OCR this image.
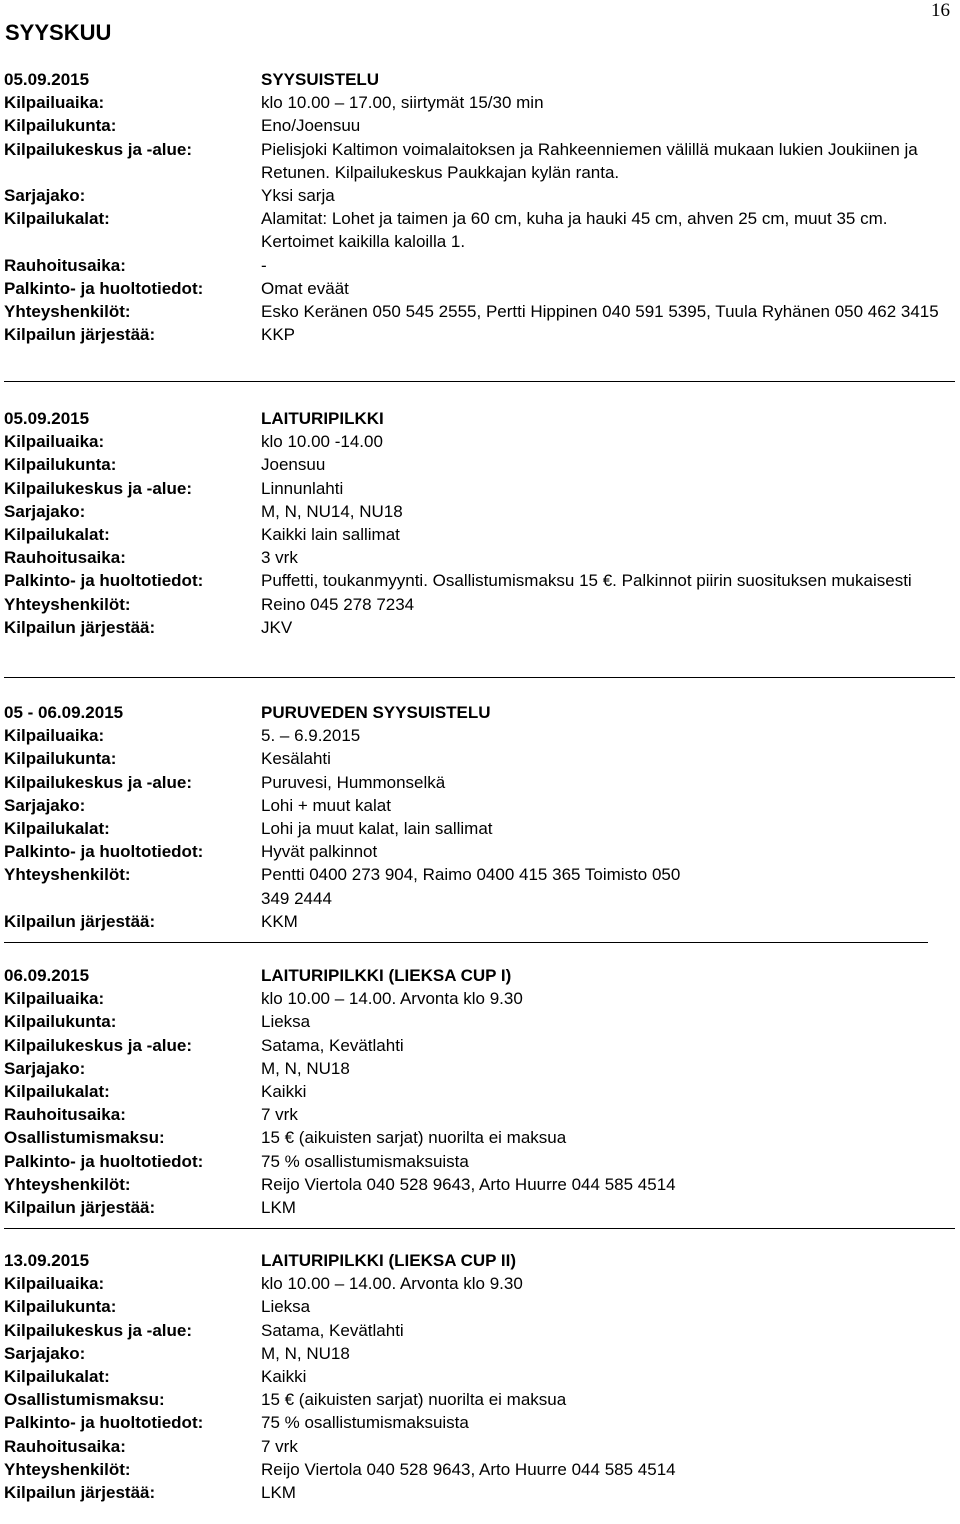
16
SYYSKUU
05.09.2015	SYYSUISTELU
Kilpailuaika:	klo 10.00 – 17.00, siirtymät 15/30 min
Kilpailukunta:	Eno/Joensuu
Kilpailukeskus ja -alue:	Pielisjoki Kaltimon voimalaitoksen ja Rahkeenniemen välillä mukaan lukien Joukiinen ja Retunen. Kilpailukeskus Paukkajan kylän ranta.
Sarjajako:	Yksi sarja
Kilpailukalat:	Alamitat: Lohet ja taimen ja 60 cm, kuha ja hauki 45 cm, ahven 25 cm, muut 35 cm. Kertoimet kaikilla kaloilla 1.
Rauhoitusaika:	-
Palkinto- ja huoltotiedot:	Omat eväät
Yhteyshenkilöt:	Esko Keränen 050 545 2555, Pertti Hippinen 040 591 5395, Tuula Ryhänen 050 462 3415
Kilpailun järjestää:	KKP
05.09.2015	LAITURIPILKKI
Kilpailuaika:	klo 10.00 -14.00
Kilpailukunta:	Joensuu
Kilpailukeskus ja -alue:	Linnunlahti
Sarjajako:	M, N, NU14, NU18
Kilpailukalat:	Kaikki lain sallimat
Rauhoitusaika:	3 vrk
Palkinto- ja huoltotiedot:	Puffetti, toukanmyynti. Osallistumismaksu 15 €. Palkinnot piirin suosituksen mukaisesti
Yhteyshenkilöt:	Reino 045 278 7234
Kilpailun järjestää:	JKV
05 - 06.09.2015	PURUVEDEN SYYSUISTELU
Kilpailuaika:	5. – 6.9.2015
Kilpailukunta:	Kesälahti
Kilpailukeskus ja -alue:	Puruvesi, Hummonselkä
Sarjajako:	Lohi + muut kalat
Kilpailukalat:	Lohi ja muut kalat, lain sallimat
Palkinto- ja huoltotiedot:	Hyvät palkinnot
Yhteyshenkilöt:	Pentti 0400 273 904, Raimo 0400 415 365 Toimisto 050 349 2444
Kilpailun järjestää:	KKM
06.09.2015	LAITURIPILKKI (LIEKSA CUP I)
Kilpailuaika:	klo 10.00 – 14.00. Arvonta klo 9.30
Kilpailukunta:	Lieksa
Kilpailukeskus ja -alue:	Satama, Kevätlahti
Sarjajako:	M, N, NU18
Kilpailukalat:	Kaikki
Rauhoitusaika:	7 vrk
Osallistumismaksu:	15 € (aikuisten sarjat) nuorilta ei maksua
Palkinto- ja huoltotiedot:	75 % osallistumismaksuista
Yhteyshenkilöt:	Reijo Viertola 040 528 9643, Arto Huurre 044 585 4514
Kilpailun järjestää:	LKM
13.09.2015	LAITURIPILKKI (LIEKSA CUP II)
Kilpailuaika:	klo 10.00 – 14.00. Arvonta klo 9.30
Kilpailukunta:	Lieksa
Kilpailukeskus ja -alue:	Satama, Kevätlahti
Sarjajako:	M, N, NU18
Kilpailukalat:	Kaikki
Osallistumismaksu:	15 € (aikuisten sarjat) nuorilta ei maksua
Palkinto- ja huoltotiedot:	75 % osallistumismaksuista
Rauhoitusaika:	7 vrk
Yhteyshenkilöt:	Reijo Viertola 040 528 9643, Arto Huurre 044 585 4514
Kilpailun järjestää:	LKM
